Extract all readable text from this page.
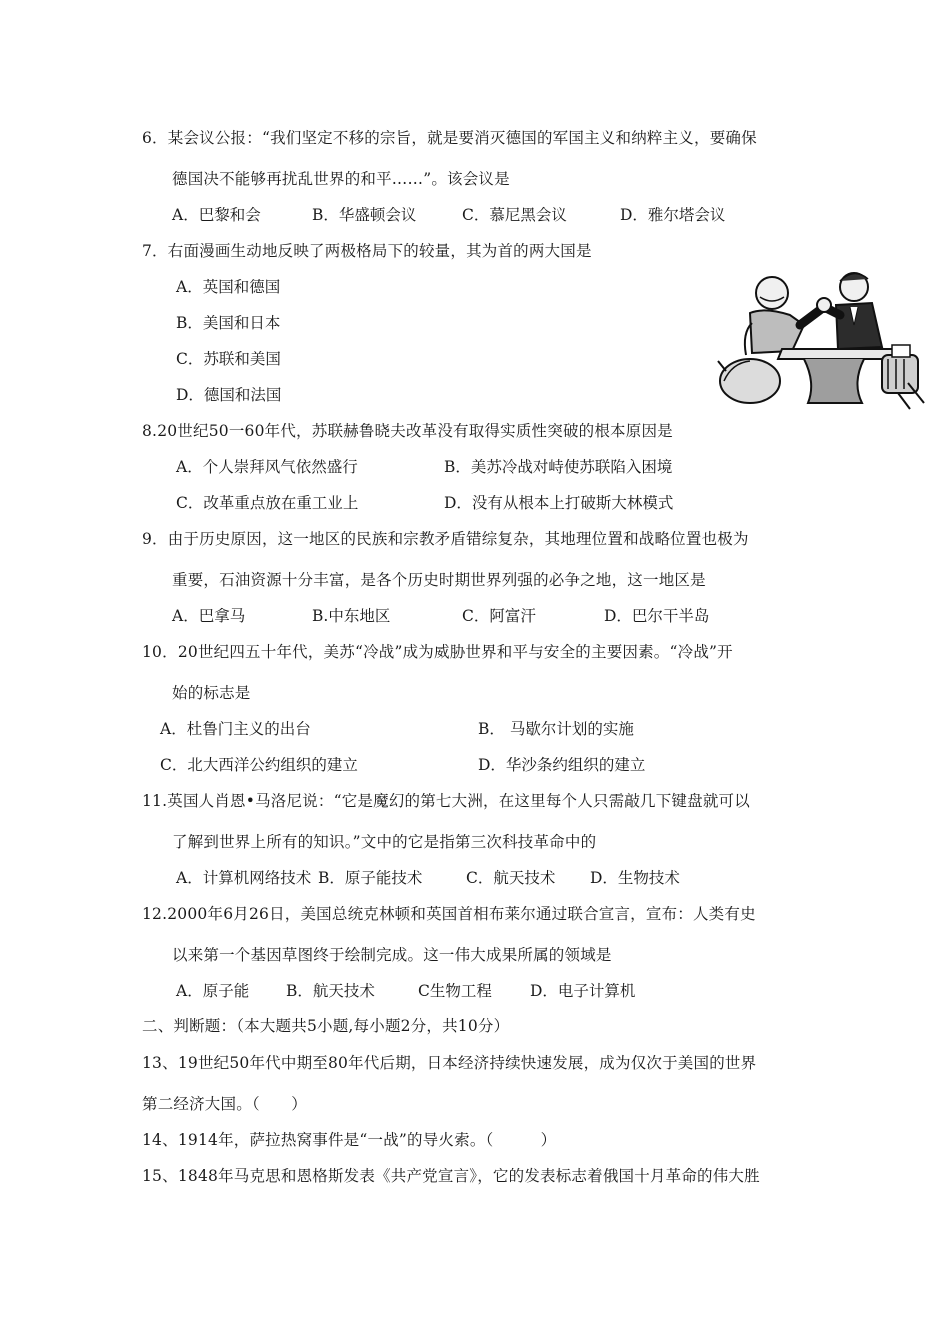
6．某会议公报：“我们坚定不移的宗旨，就是要消灭德国的军国主义和纳粹主义，要确保
德国决不能够再扰乱世界的和平……”。该会议是
A．巴黎和会	B．华盛顿会议	C．慕尼黑会议	D．雅尔塔会议
7．右面漫画生动地反映了两极格局下的较量，其为首的两大国是
A．英国和德国
B．美国和日本
C．苏联和美国
D．德国和法国
8.20世纪50一60年代，苏联赫鲁晓夫改革没有取得实质性突破的根本原因是
A．个人崇拜风气依然盛行	B．美苏冷战对峙使苏联陷入困境
C．改革重点放在重工业上	D．没有从根本上打破斯大林模式
9．由于历史原因，这一地区的民族和宗教矛盾错综复杂，其地理位置和战略位置也极为
重要，石油资源十分丰富，是各个历史时期世界列强的必争之地，这一地区是
A．巴拿马	B.中东地区	C．阿富汗	D．巴尔干半岛
10．20世纪四五十年代，美苏“冷战”成为威胁世界和平与安全的主要因素。“冷战”开
始的标志是
A．杜鲁门主义的出台	B． 马歇尔计划的实施
C．北大西洋公约组织的建立	D．华沙条约组织的建立
11.英国人肖恩•马洛尼说：“它是魔幻的第七大洲，在这里每个人只需敲几下键盘就可以
了解到世界上所有的知识。”文中的它是指第三次科技革命中的
A．计算机网络技术 B．原子能技术	C．航天技术 D．生物技术
12.2000年6月26日，美国总统克林顿和英国首相布莱尔通过联合宣言，宣布：人类有史
以来第一个基因草图终于绘制完成。这一伟大成果所属的领域是
A．原子能 B．航天技术	C生物工程 D．电子计算机
二、判断题：（本大题共5小题,每小题2分，共10分）
13、19世纪50年代中期至80年代后期，日本经济持续快速发展，成为仅次于美国的世界
第二经济大国。（　　）
14、1914年，萨拉热窝事件是“一战”的导火索。（　　　）
15、1848年马克思和恩格斯发表《共产党宣言》，它的发表标志着俄国十月革命的伟大胜
